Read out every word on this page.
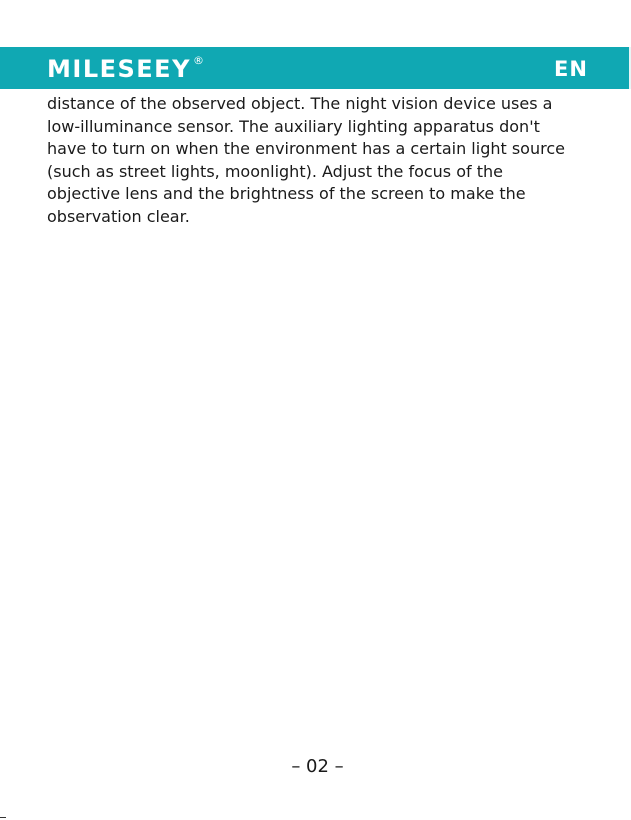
MILESEEY ®	EN

distance of the observed object. The night vision device uses a
low-illuminance sensor. The auxiliary lighting apparatus don't
have to turn on when the environment has a certain light source
(such as street lights, moonlight). Adjust the focus of the
objective lens and the brightness of the screen to make the
observation clear.

– 02 –
